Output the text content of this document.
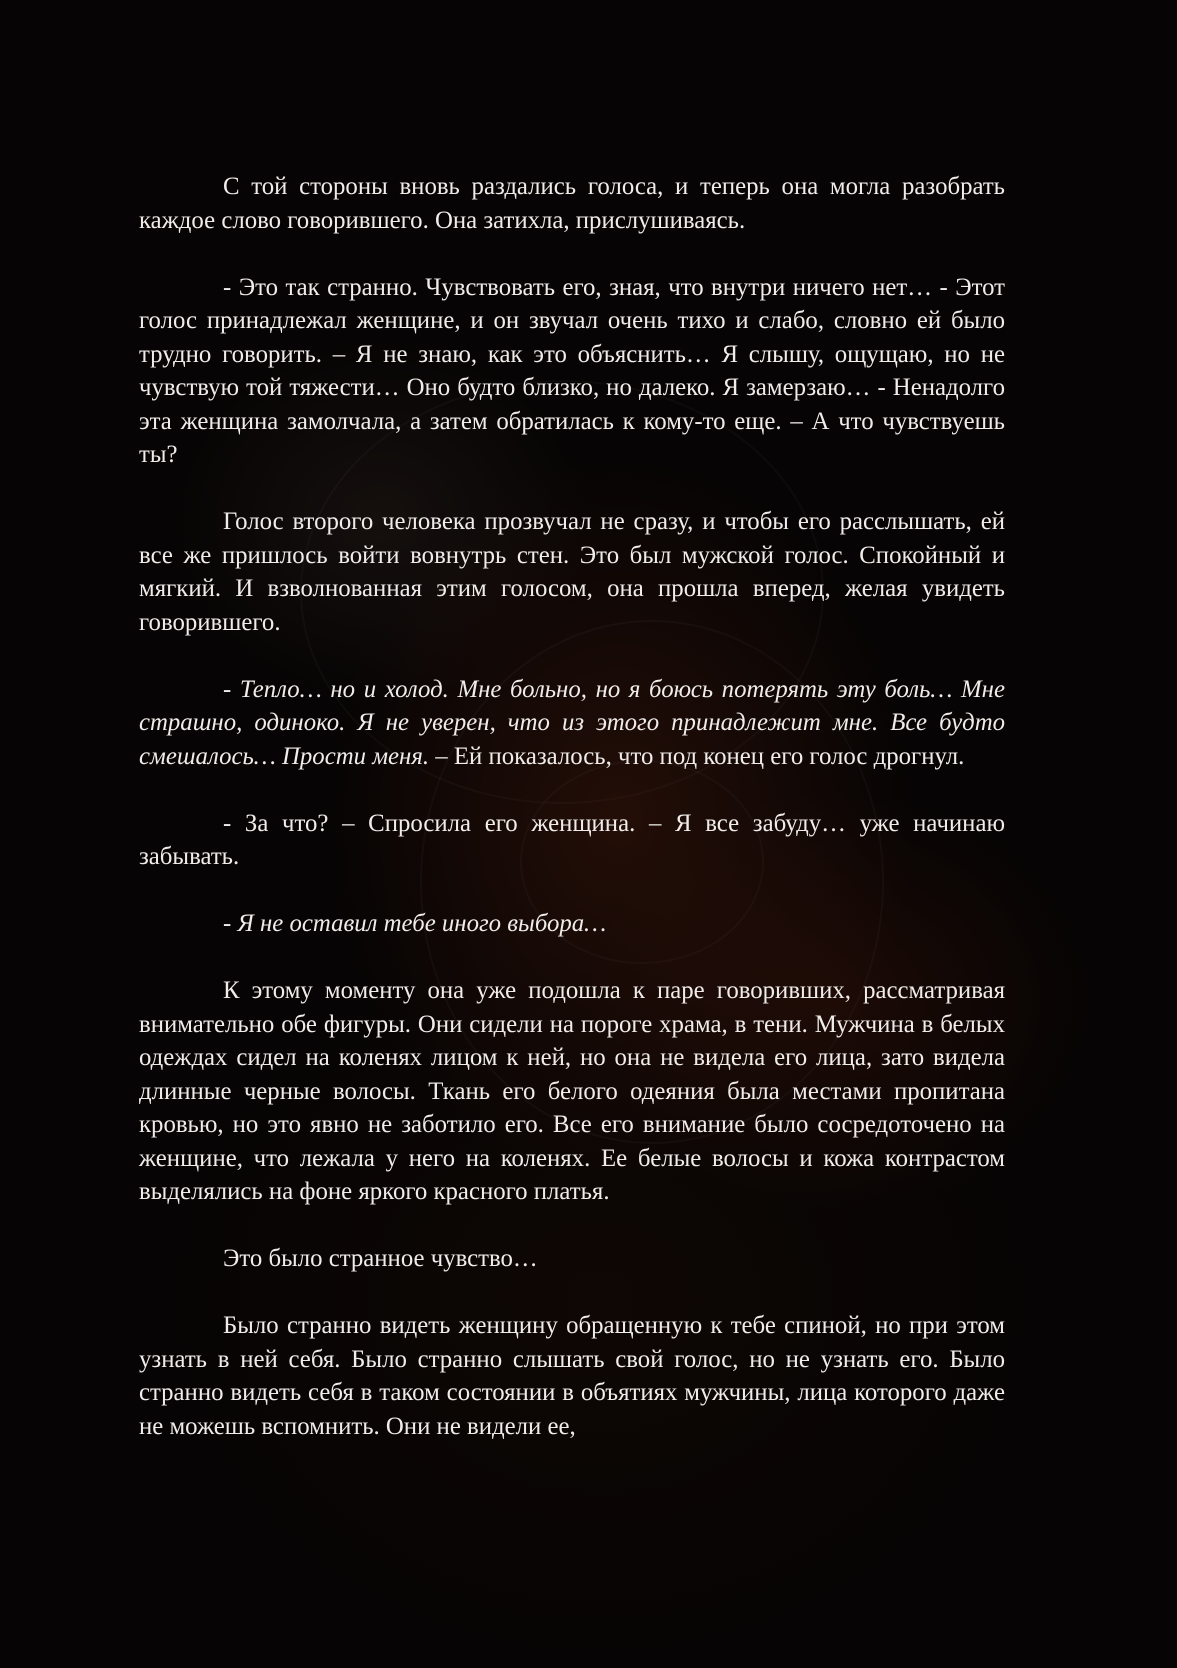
С той стороны вновь раздались голоса, и теперь она могла разобрать каждое слово говорившего. Она затихла, прислушиваясь.

- Это так странно. Чувствовать его, зная, что внутри ничего нет… - Этот голос принадлежал женщине, и он звучал очень тихо и слабо, словно ей было трудно говорить. – Я не знаю, как это объяснить… Я слышу, ощущаю, но не чувствую той тяжести… Оно будто близко, но далеко. Я замерзаю… - Ненадолго эта женщина замолчала, а затем обратилась к кому-то еще. – А что чувствуешь ты?

Голос второго человека прозвучал не сразу, и чтобы его расслышать, ей все же пришлось войти вовнутрь стен. Это был мужской голос. Спокойный и мягкий. И взволнованная этим голосом, она прошла вперед, желая увидеть говорившего.

- Тепло… но и холод. Мне больно, но я боюсь потерять эту боль… Мне страшно, одиноко. Я не уверен, что из этого принадлежит мне. Все будто смешалось… Прости меня. – Ей показалось, что под конец его голос дрогнул.

- За что? – Спросила его женщина. – Я все забуду… уже начинаю забывать.

- Я не оставил тебе иного выбора…

К этому моменту она уже подошла к паре говоривших, рассматривая внимательно обе фигуры. Они сидели на пороге храма, в тени. Мужчина в белых одеждах сидел на коленях лицом к ней, но она не видела его лица, зато видела длинные черные волосы. Ткань его белого одеяния была местами пропитана кровью, но это явно не заботило его. Все его внимание было сосредоточено на женщине, что лежала у него на коленях. Ее белые волосы и кожа контрастом выделялись на фоне яркого красного платья.

Это было странное чувство…

Было странно видеть женщину обращенную к тебе спиной, но при этом узнать в ней себя. Было странно слышать свой голос, но не узнать его. Было странно видеть себя в таком состоянии в объятиях мужчины, лица которого даже не можешь вспомнить. Они не видели ее,
